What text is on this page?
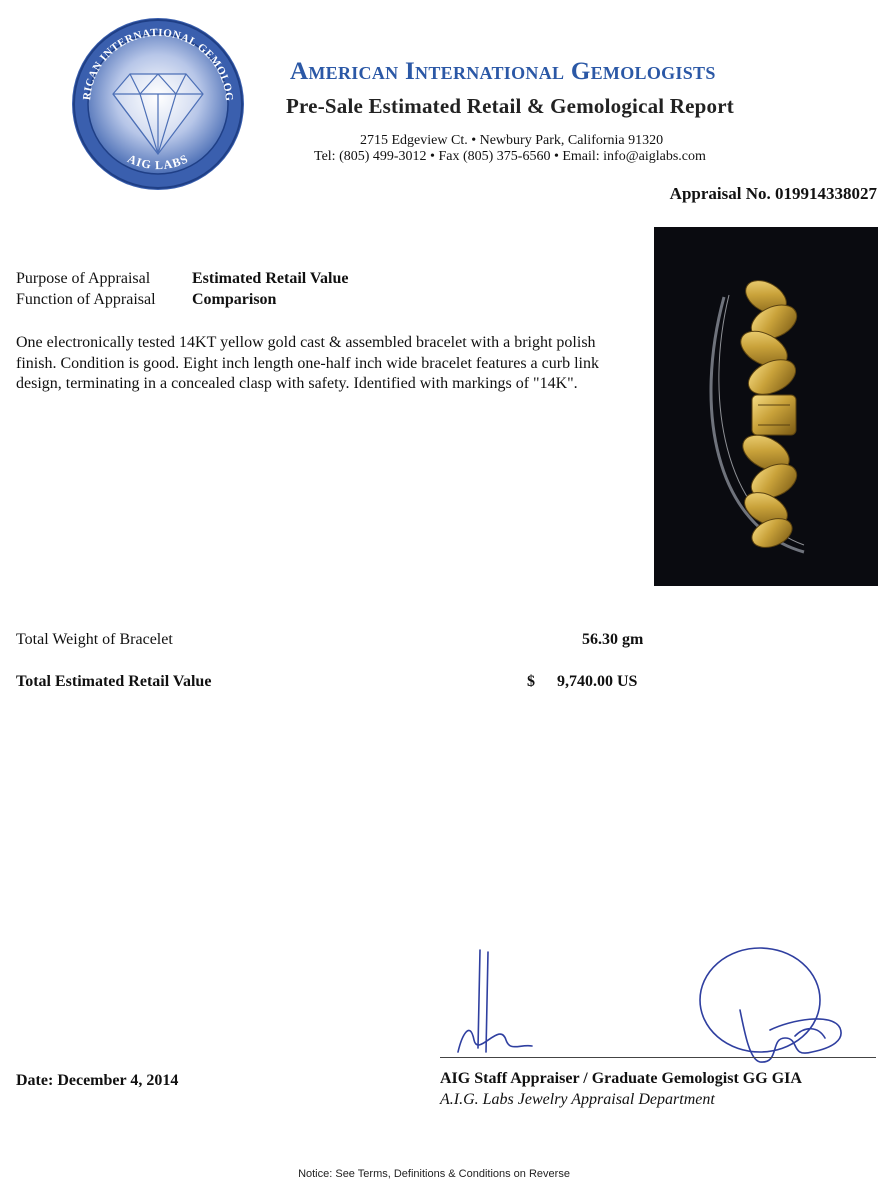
RICAN INTERNATIONAL GEMOLOG
AIG LABS
American International Gemologists
Pre-Sale Estimated Retail & Gemological Report
2715 Edgeview Ct. • Newbury Park, California 91320
Tel: (805) 499-3012 • Fax (805) 375-6560 • Email: info@aiglabs.com
Appraisal No. 019914338027
Purpose of Appraisal	Estimated Retail Value
Function of Appraisal Comparison
One electronically tested 14KT yellow gold cast & assembled bracelet with a bright polish finish. Condition is good. Eight inch length one-half inch wide bracelet features a curb link design, terminating in a concealed clasp with safety. Identified with markings of "14K".
Total Weight of Bracelet	56.30 gm
Total Estimated Retail Value	$ 9,740.00 US
Date: December 4, 2014	AIG Staff Appraiser / Graduate Gemologist GG GIA
A.I.G. Labs Jewelry Appraisal Department
Notice: See Terms, Definitions & Conditions on Reverse
